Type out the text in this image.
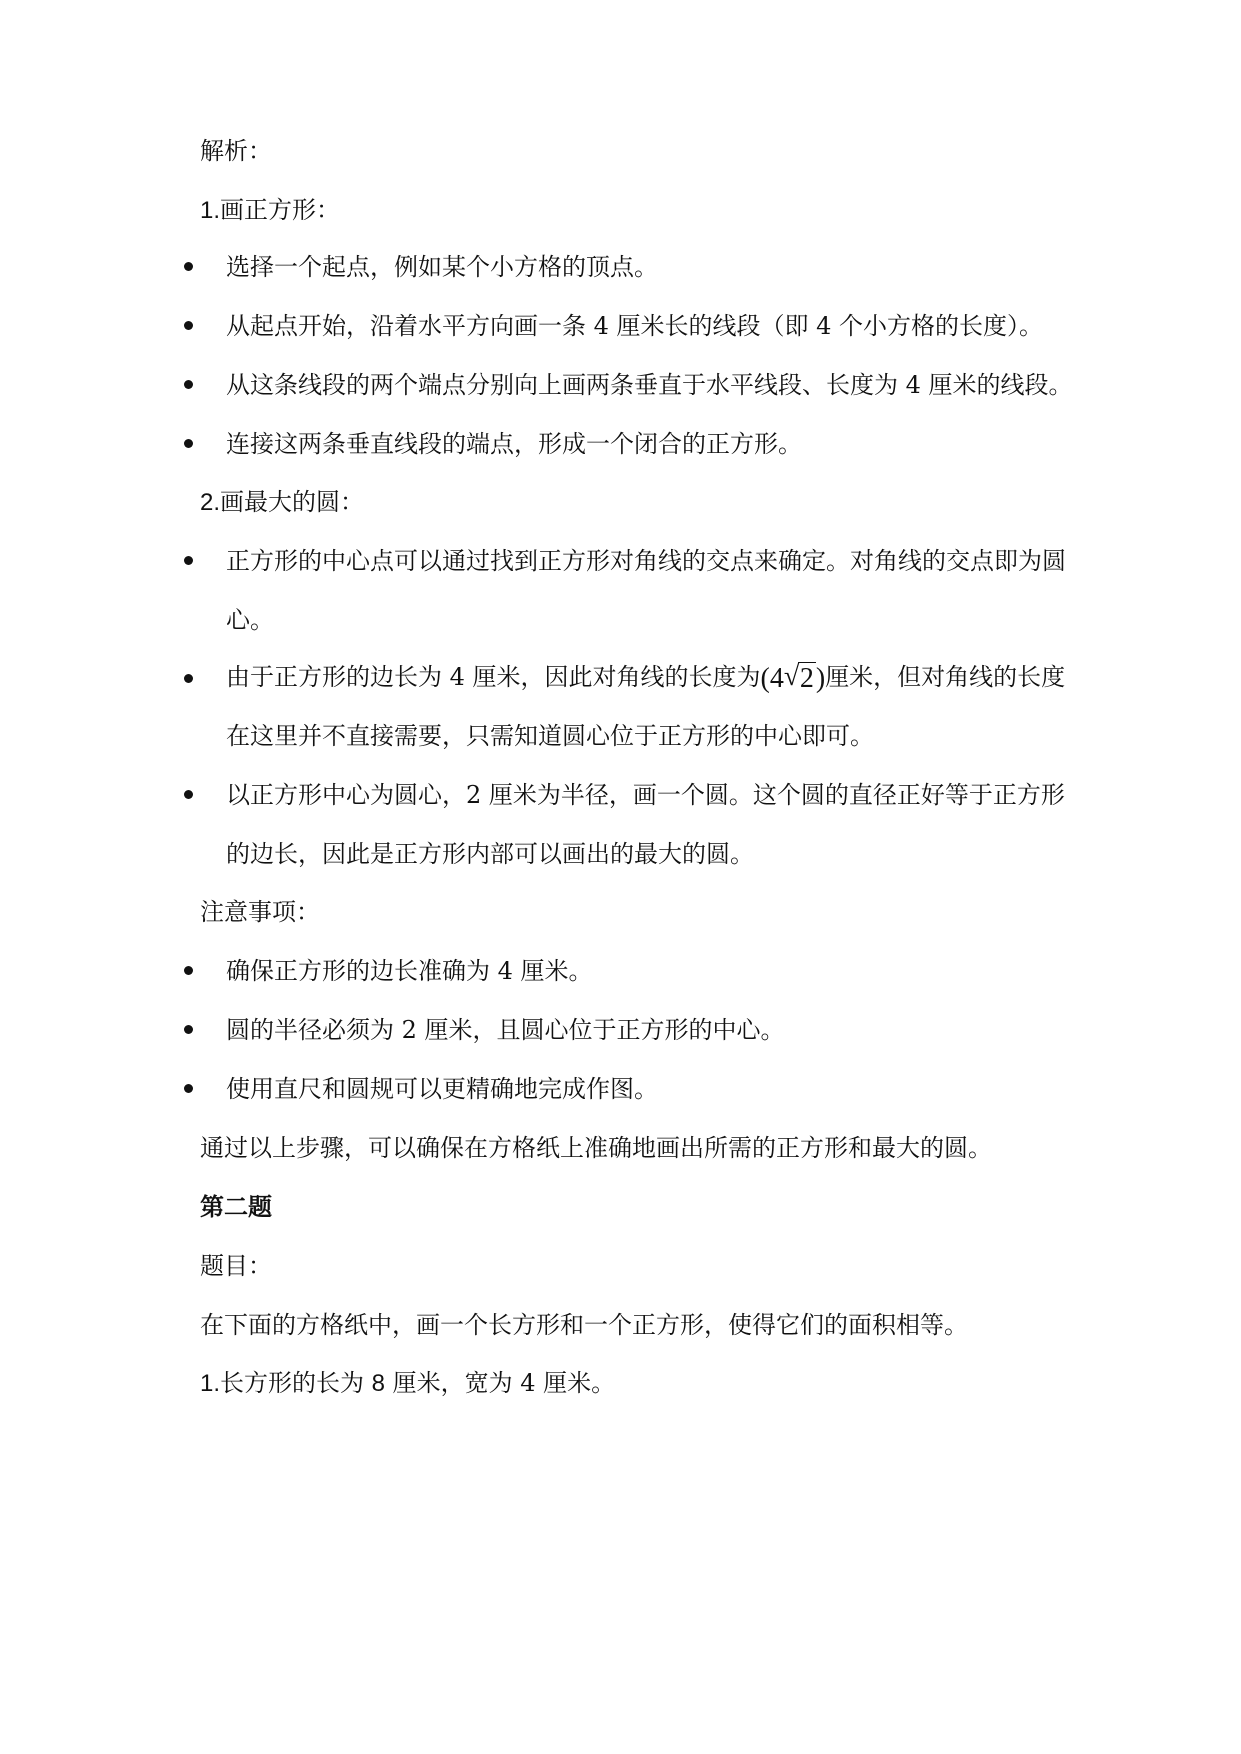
解析：
1.画正方形：
选择一个起点，例如某个小方格的顶点。
从起点开始，沿着水平方向画一条 4 厘米长的线段（即 4 个小方格的长度）。
从这条线段的两个端点分别向上画两条垂直于水平线段、长度为 4 厘米的线段。
连接这两条垂直线段的端点，形成一个闭合的正方形。
2.画最大的圆：
正方形的中心点可以通过找到正方形对角线的交点来确定。对角线的交点即为圆
心。
由于正方形的边长为 4 厘米，因此对角线的长度为(4 √ 2)厘米，但对角线的长度
在这里并不直接需要，只需知道圆心位于正方形的中心即可。
以正方形中心为圆心，2 厘米为半径，画一个圆。这个圆的直径正好等于正方形
的边长，因此是正方形内部可以画出的最大的圆。
注意事项：
确保正方形的边长准确为 4 厘米。
圆的半径必须为 2 厘米，且圆心位于正方形的中心。
使用直尺和圆规可以更精确地完成作图。
通过以上步骤，可以确保在方格纸上准确地画出所需的正方形和最大的圆。
第二题
题目：
在下面的方格纸中，画一个长方形和一个正方形，使得它们的面积相等。
1.长方形的长为 8 厘米，宽为 4 厘米。
